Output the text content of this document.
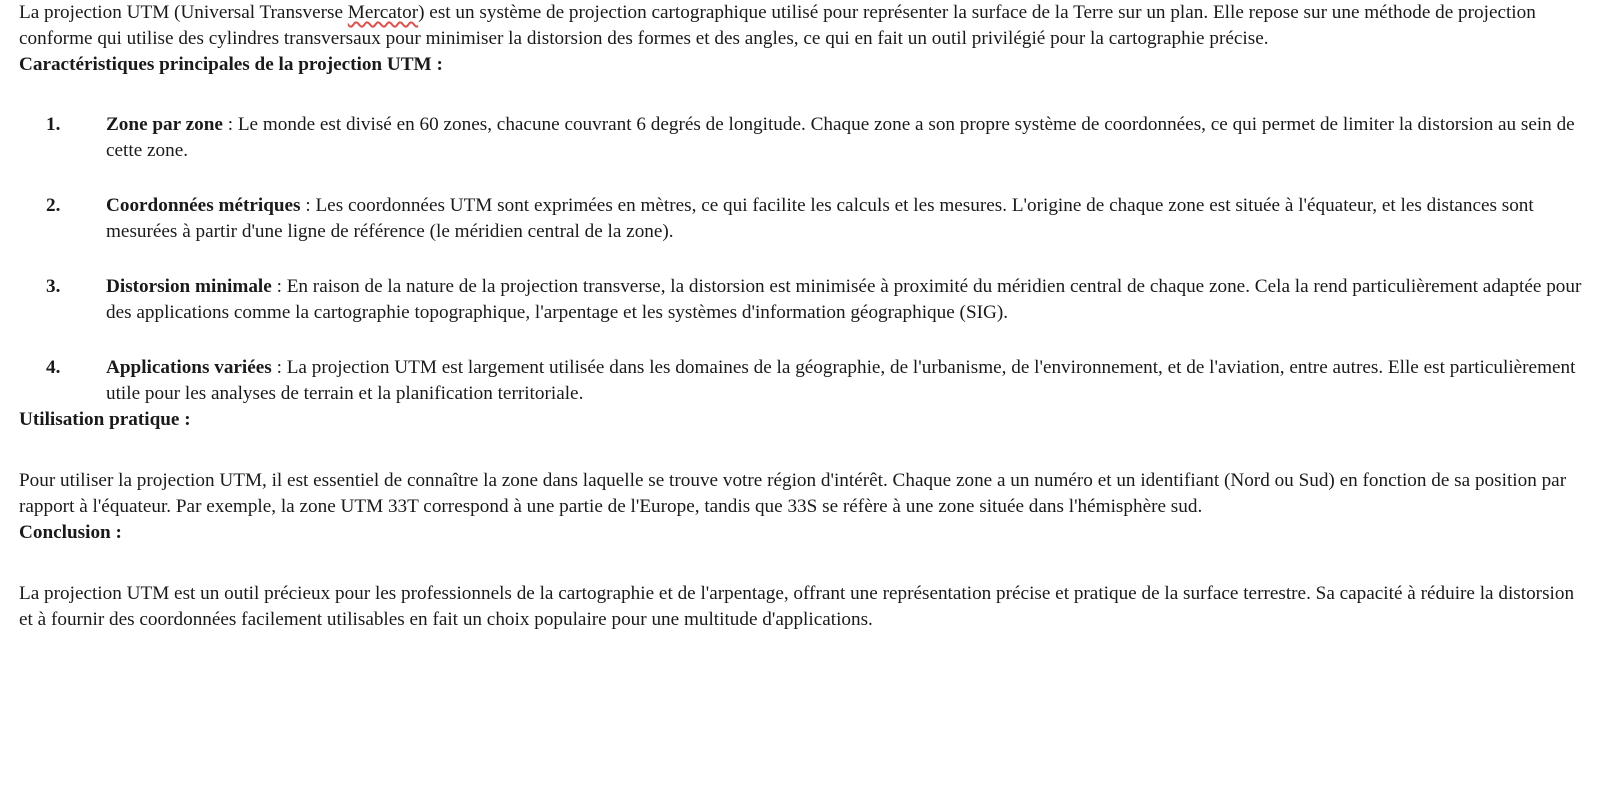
La projection UTM (Universal Transverse Mercator) est un système de projection cartographique utilisé pour représenter la surface de la Terre sur un plan. Elle repose sur une méthode de projection conforme qui utilise des cylindres transversaux pour minimiser la distorsion des formes et des angles, ce qui en fait un outil privilégié pour la cartographie précise.

Caractéristiques principales de la projection UTM :
1. Zone par zone : Le monde est divisé en 60 zones, chacune couvrant 6 degrés de longitude. Chaque zone a son propre système de coordonnées, ce qui permet de limiter la distorsion au sein de cette zone.
2. Coordonnées métriques : Les coordonnées UTM sont exprimées en mètres, ce qui facilite les calculs et les mesures. L'origine de chaque zone est située à l'équateur, et les distances sont mesurées à partir d'une ligne de référence (le méridien central de la zone).
3. Distorsion minimale : En raison de la nature de la projection transverse, la distorsion est minimisée à proximité du méridien central de chaque zone. Cela la rend particulièrement adaptée pour des applications comme la cartographie topographique, l'arpentage et les systèmes d'information géographique (SIG).
4. Applications variées : La projection UTM est largement utilisée dans les domaines de la géographie, de l'urbanisme, de l'environnement, et de l'aviation, entre autres. Elle est particulièrement utile pour les analyses de terrain et la planification territoriale.
Utilisation pratique :

Pour utiliser la projection UTM, il est essentiel de connaître la zone dans laquelle se trouve votre région d'intérêt. Chaque zone a un numéro et un identifiant (Nord ou Sud) en fonction de sa position par rapport à l'équateur. Par exemple, la zone UTM 33T correspond à une partie de l'Europe, tandis que 33S se réfère à une zone située dans l'hémisphère sud.

Conclusion :

La projection UTM est un outil précieux pour les professionnels de la cartographie et de l'arpentage, offrant une représentation précise et pratique de la surface terrestre. Sa capacité à réduire la distorsion et à fournir des coordonnées facilement utilisables en fait un choix populaire pour une multitude d'applications.
